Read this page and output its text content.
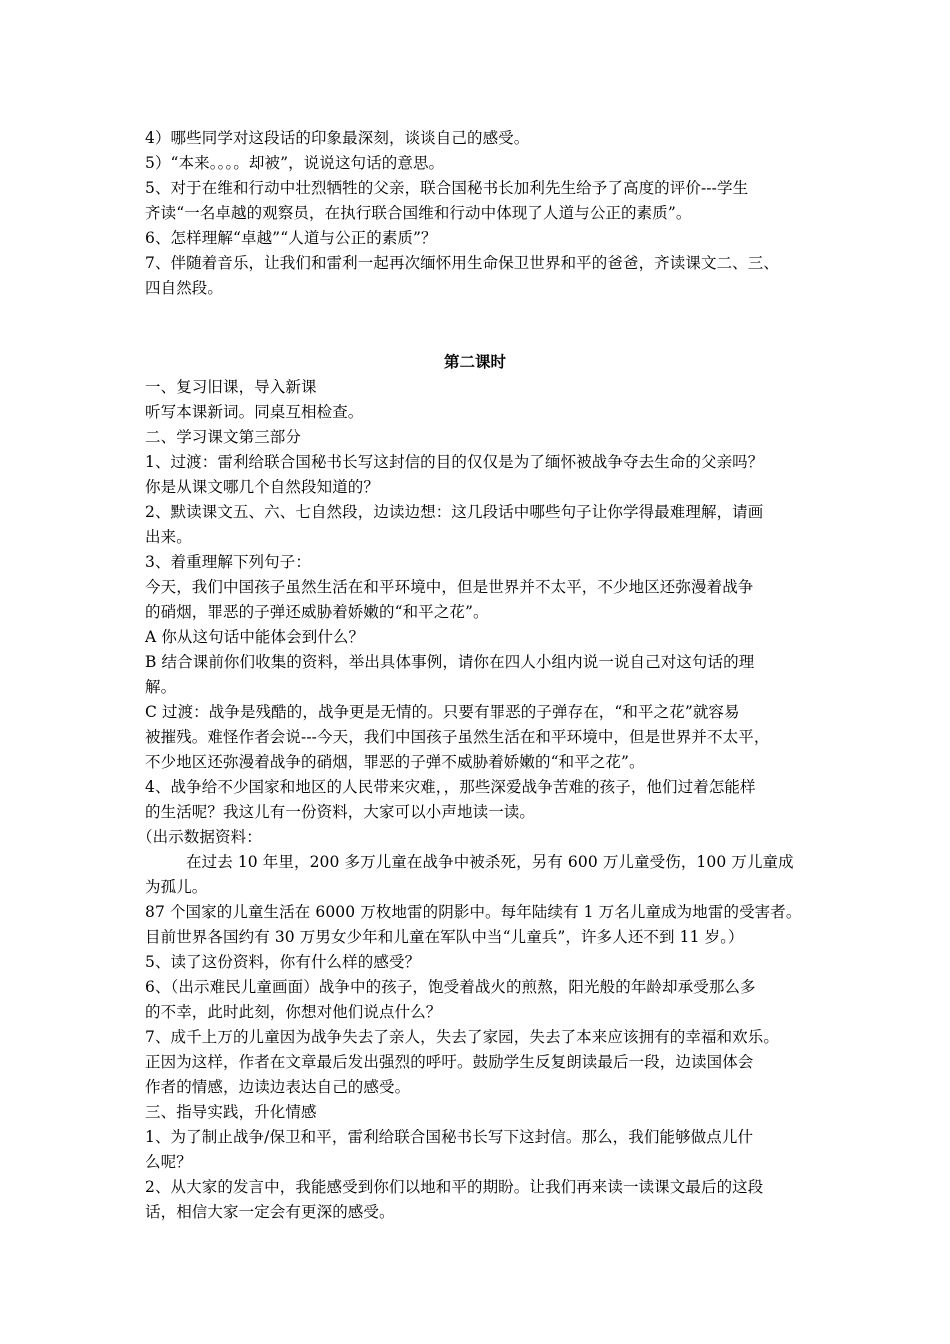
4）哪些同学对这段话的印象最深刻，谈谈自己的感受。
5）“本来。。。。却被”，说说这句话的意思。
5、对于在维和行动中壮烈牺牲的父亲，联合国秘书长加利先生给予了高度的评价---学生
齐读“一名卓越的观察员，在执行联合国维和行动中体现了人道与公正的素质”。
6、怎样理解“卓越”“人道与公正的素质”？
7、伴随着音乐，让我们和雷利一起再次缅怀用生命保卫世界和平的爸爸，齐读课文二、三、
四自然段。
第二课时
一、复习旧课，导入新课
听写本课新词。同桌互相检查。
二、学习课文第三部分
1、过渡：雷利给联合国秘书长写这封信的目的仅仅是为了缅怀被战争夺去生命的父亲吗？
你是从课文哪几个自然段知道的？
2、默读课文五、六、七自然段，边读边想：这几段话中哪些句子让你学得最难理解，请画
出来。
3、着重理解下列句子：
今天，我们中国孩子虽然生活在和平环境中，但是世界并不太平，不少地区还弥漫着战争
的硝烟，罪恶的子弹还威胁着娇嫩的“和平之花”。
A 你从这句话中能体会到什么？
B 结合课前你们收集的资料，举出具体事例，请你在四人小组内说一说自己对这句话的理
解。
C 过渡：战争是残酷的，战争更是无情的。只要有罪恶的子弹存在，“和平之花”就容易
被摧残。难怪作者会说---今天，我们中国孩子虽然生活在和平环境中，但是世界并不太平，
不少地区还弥漫着战争的硝烟，罪恶的子弹不威胁着娇嫩的“和平之花”。
4、战争给不少国家和地区的人民带来灾难，，那些深爱战争苦难的孩子，他们过着怎能样
的生活呢？我这儿有一份资料，大家可以小声地读一读。
（出示数据资料：
在过去 10 年里，200 多万儿童在战争中被杀死，另有 600 万儿童受伤，100 万儿童成
为孤儿。
87 个国家的儿童生活在 6000 万枚地雷的阴影中。每年陆续有 1 万名儿童成为地雷的受害者。
目前世界各国约有 30 万男女少年和儿童在军队中当“儿童兵”，许多人还不到 11 岁。）
5、读了这份资料，你有什么样的感受？
6、（出示难民儿童画面）战争中的孩子，饱受着战火的煎熬，阳光般的年龄却承受那么多
的不幸，此时此刻，你想对他们说点什么？
7、成千上万的儿童因为战争失去了亲人，失去了家园，失去了本来应该拥有的幸福和欢乐。
正因为这样，作者在文章最后发出强烈的呼吁。鼓励学生反复朗读最后一段，边读国体会
作者的情感，边读边表达自己的感受。
三、指导实践，升化情感
1、为了制止战争/保卫和平，雷利给联合国秘书长写下这封信。那么，我们能够做点儿什
么呢？
2、从大家的发言中，我能感受到你们以地和平的期盼。让我们再来读一读课文最后的这段
话，相信大家一定会有更深的感受。
